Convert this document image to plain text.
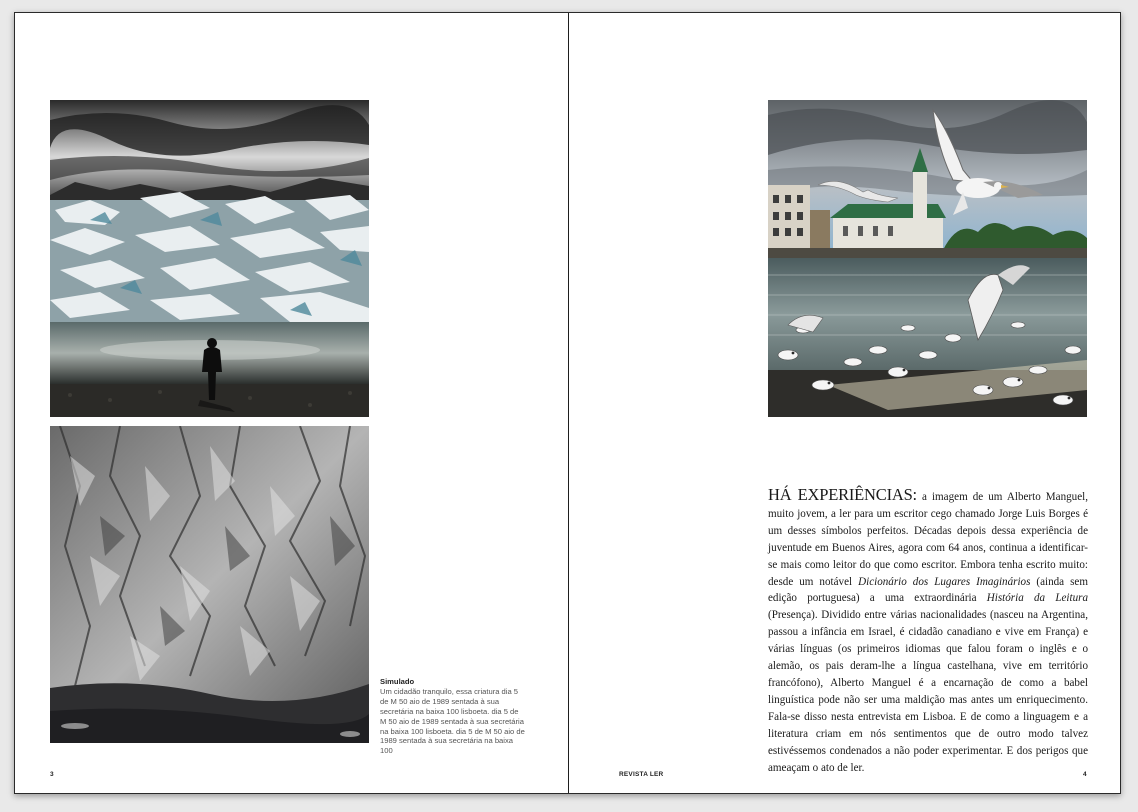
Simulado
Um cidadão tranquilo, essa criatura dia 5 de M 50 aio de 1989 sentada à sua secretária na baixa 100 lisboeta. dia 5 de M 50 aio de 1989 sentada à sua secretária na baixa 100 lisboeta. dia 5 de M 50 aio de 1989 sentada à sua secretária na baixa 100
HÁ EXPERIÊNCIAS: a imagem de um Alberto Manguel, muito jovem, a ler para um escritor cego chamado Jorge Luis Borges é um desses símbolos perfeitos. Décadas depois dessa experiência de juventude em Buenos Aires, agora com 64 anos, continua a identificar-se mais como leitor do que como escritor. Embora tenha escrito muito: desde um notável Dicionário dos Lugares Imaginários (ainda sem edição portuguesa) a uma extraordinária História da Leitura (Presença). Dividido entre várias nacionalidades (nasceu na Argentina, passou a infância em Israel, é cidadão canadiano e vive em França) e várias línguas (os primeiros idiomas que falou foram o inglês e o alemão, os pais deram-lhe a língua castelhana, vive em território francófono), Alberto Manguel é a encarnação de como a babel linguística pode não ser uma maldição mas antes um enriquecimento. Fala-se disso nesta entrevista em Lisboa. E de como a linguagem e a literatura criam em nós sentimentos que de outro modo talvez estivéssemos condenados a não poder experimentar. E dos perigos que ameaçam o ato de ler.
3	REVISTA LER	4
